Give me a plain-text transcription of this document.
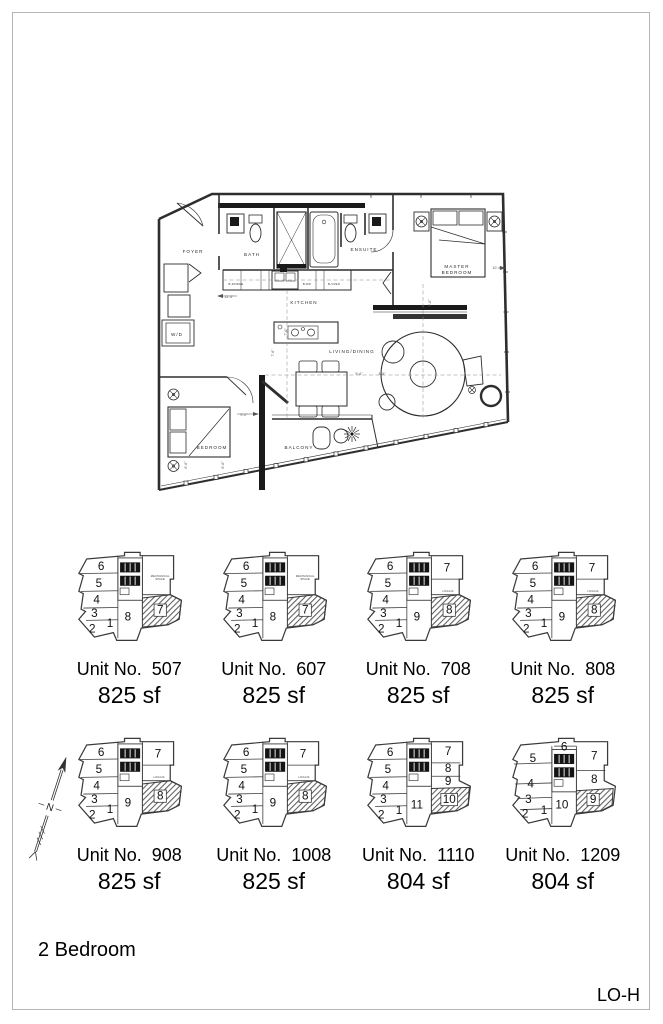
FOYER
BATH
ENSUITE
MASTER
BEDROOM
KITCHEN
LIVING/DINING
BEDROOM	BALCONY
W/D
B-FRIDGE	B-DW	B-OVEN
12'-5"
7'-0"
7'-6"
9'-6"	3'-6"
9'-0"
10'-4"
9'-0"
6'-6"	6'-6"
N
6
5
4
3
2 1
8
7
MECHANICAL
SPACE
Unit No. 507
825 sf
6
5
4
3
2 1
8
7
MECHANICAL
SPACE
Unit No. 607
825 sf
6
5
4
3
2 1
9
7
8
LOGGIA
Unit No. 708
825 sf
6
5
4
3
2 1
9
7
8
LOGGIA
Unit No. 808
825 sf
6
5
4
3
2 1
9
7
8
LOGGIA
Unit No. 908
825 sf
6
5
4
3
2 1
9
7
8
LOGGIA
Unit No. 1008
825 sf
6
5
4
3
2 1 11
7
8
9
10
Unit No. 1110
804 sf
5
4
3
2
6
7
8
1 10 9
Unit No. 1209
804 sf
2 Bedroom
LO-H
